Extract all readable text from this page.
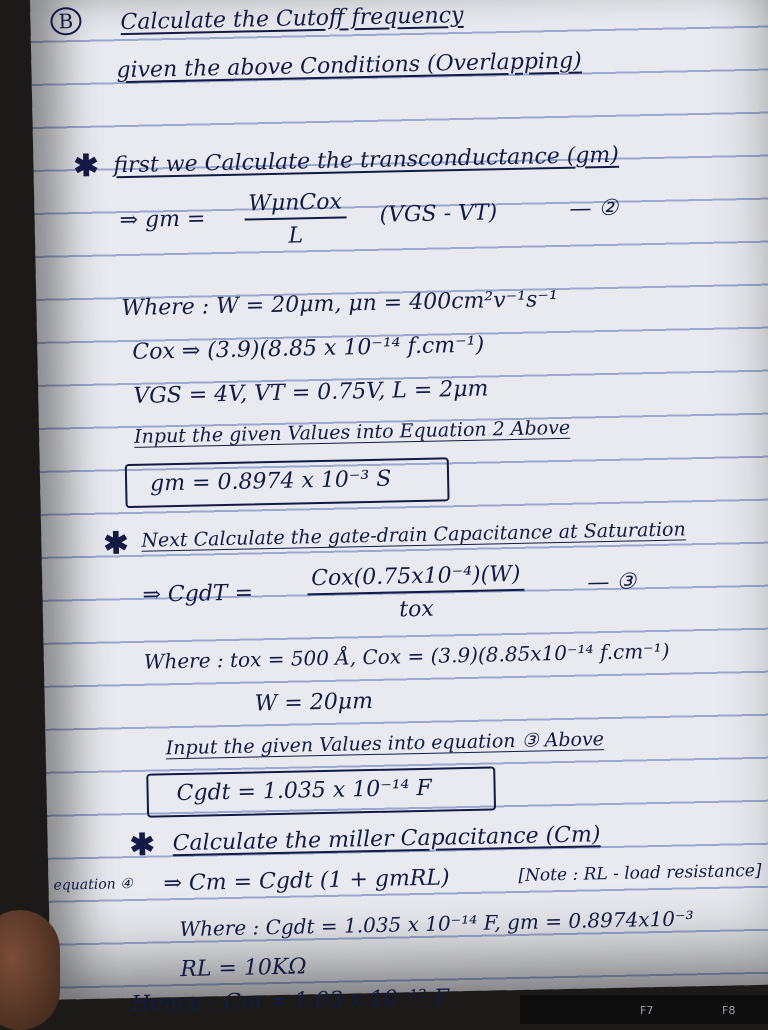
B	Calculate the Cutoff frequency
given the above Conditions (Overlapping)
✱ first we Calculate the transconductance (gm)
⇒ gm =
WμnCox
L
(VGS - VT)	— ②
Where : W = 20μm, μn = 400cm²v⁻¹s⁻¹
Cox ⇒ (3.9)(8.85 x 10⁻¹⁴ f.cm⁻¹)
VGS = 4V, VT = 0.75V, L = 2μm
Input the given Values into Equation 2 Above
gm = 0.8974 x 10⁻³ S
✱ Next Calculate the gate-drain Capacitance at Saturation
⇒ CgdT =
Cox(0.75x10⁻⁴)(W)
tox
— ③
Where : tox = 500 Å, Cox = (3.9)(8.85x10⁻¹⁴ f.cm⁻¹)
W = 20μm
Input the given Values into equation ③ Above
Cgdt = 1.035 x 10⁻¹⁴ F
✱ Calculate the miller Capacitance (Cm)
equation ④ ⇒ Cm = Cgdt (1 + gmRL)	[Note : RL - load resistance]
Where : Cgdt = 1.035 x 10⁻¹⁴ F, gm = 0.8974x10⁻³
RL = 10KΩ
Hence : Cm = 1.03 x 10⁻¹² F	F7	F8
